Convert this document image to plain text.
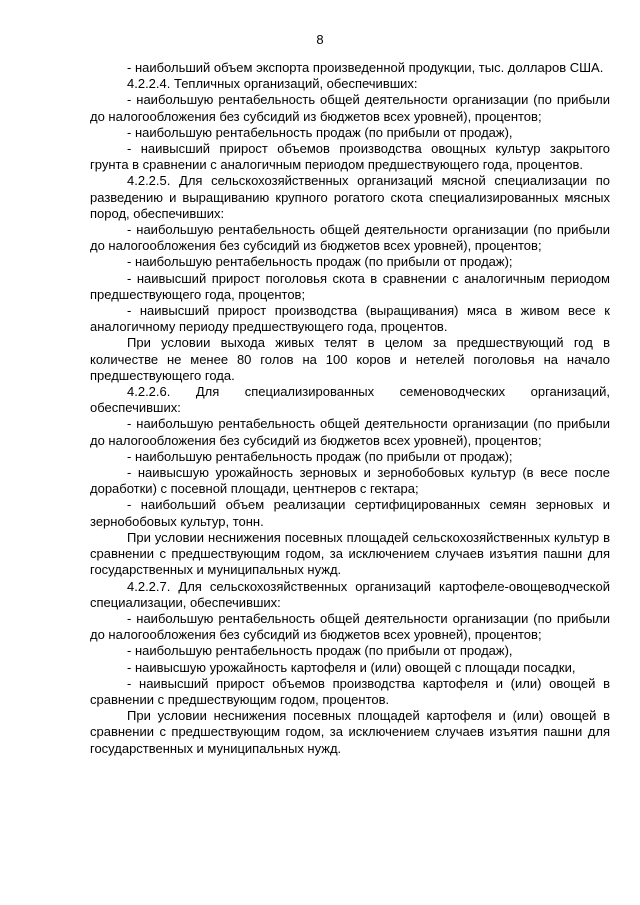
8

- наибольший объем экспорта произведенной продукции, тыс. долларов США.

4.2.2.4. Тепличных организаций, обеспечивших:

- наибольшую рентабельность общей деятельности организации (по прибыли до налогообложения без субсидий из бюджетов всех уровней), процентов;

- наибольшую рентабельность продаж (по прибыли от продаж),

- наивысший прирост объемов производства овощных культур закрытого грунта в сравнении с аналогичным периодом предшествующего года, процентов.

4.2.2.5. Для сельскохозяйственных организаций мясной специализации по разведению и выращиванию крупного рогатого скота специализированных мясных пород, обеспечивших:

- наибольшую рентабельность общей деятельности организации (по прибыли до налогообложения без субсидий из бюджетов всех уровней), процентов;

- наибольшую рентабельность продаж (по прибыли от продаж);

- наивысший прирост поголовья скота в сравнении с аналогичным периодом предшествующего года, процентов;

- наивысший прирост производства (выращивания) мяса в живом весе к аналогичному периоду предшествующего года, процентов.

При условии выхода живых телят в целом за предшествующий год в количестве не менее 80 голов на 100 коров и нетелей поголовья на начало предшествующего года.

4.2.2.6. Для специализированных семеноводческих организаций, обеспечивших:

- наибольшую рентабельность общей деятельности организации (по прибыли до налогообложения без субсидий из бюджетов всех уровней), процентов;

- наибольшую рентабельность продаж (по прибыли от продаж);

- наивысшую урожайность зерновых и зернобобовых культур (в весе после доработки) с посевной площади, центнеров с гектара;

- наибольший объем реализации сертифицированных семян зерновых и зернобобовых культур, тонн.

При условии неснижения посевных площадей сельскохозяйственных культур в сравнении с предшествующим годом, за исключением случаев изъятия пашни для государственных и муниципальных нужд.

4.2.2.7. Для сельскохозяйственных организаций картофеле-овощеводческой специализации, обеспечивших:

- наибольшую рентабельность общей деятельности организации (по прибыли до налогообложения без субсидий из бюджетов всех уровней), процентов;

- наибольшую рентабельность продаж (по прибыли от продаж),

- наивысшую урожайность картофеля и (или) овощей с площади посадки,

- наивысший прирост объемов производства картофеля и (или) овощей в сравнении с предшествующим годом, процентов.

При условии неснижения посевных площадей картофеля и (или) овощей в сравнении с предшествующим годом, за исключением случаев изъятия пашни для государственных и муниципальных нужд.
